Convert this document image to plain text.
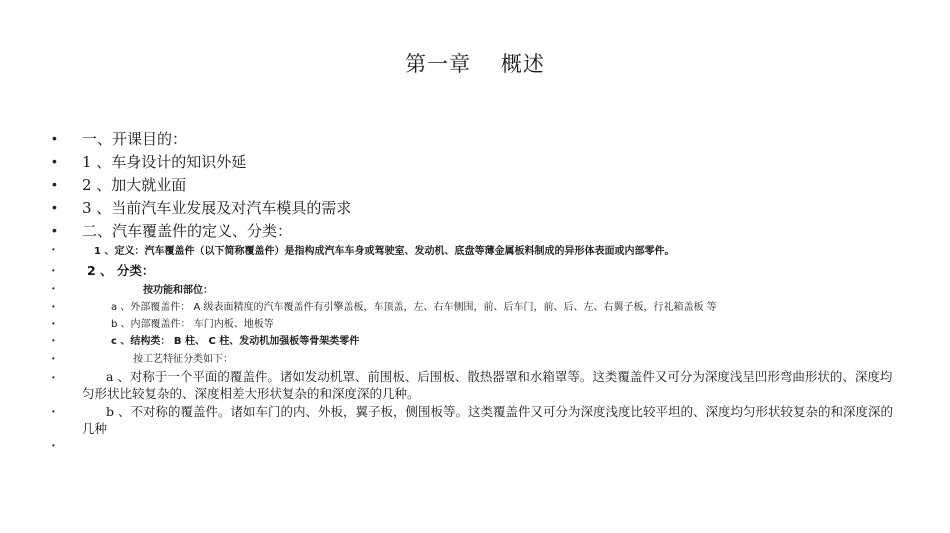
第一章　 概述
• 一、开课目的：
• 1 、车身设计的知识外延
• 2 、加大就业面
• 3 、当前汽车业发展及对汽车模具的需求
• 二、汽车覆盖件的定义、分类：
•	1 、定义：汽车覆盖件（以下简称覆盖件）是指构成汽车车身或驾驶室、发动机、底盘等薄金属板料制成的异形体表面或内部零件。
•	2 、 分类：
•	按功能和部位：
•	a 、外部覆盖件： A 级表面精度的汽车覆盖件有引擎盖板，车顶盖，左、右车侧围，前、后车门，前、后、左、右翼子板，行礼箱盖板 等
•	b 、内部覆盖件： 车门内板、地板等
•	c 、结构类： B 柱、 C 柱、发动机加强板等骨架类零件
•	按工艺特征分类如下：
•	a 、对称于一个平面的覆盖件。诸如发动机罩、前围板、后围板、散热器罩和水箱罩等。这类覆盖件又可分为深度浅呈凹形弯曲形状的、深度均匀形状比较复杂的、深度相差大形状复杂的和深度深的几种。
•	b 、不对称的覆盖件。诸如车门的内、外板，翼子板，侧围板等。这类覆盖件又可分为深度浅度比较平坦的、深度均匀形状较复杂的和深度深的几种
•
